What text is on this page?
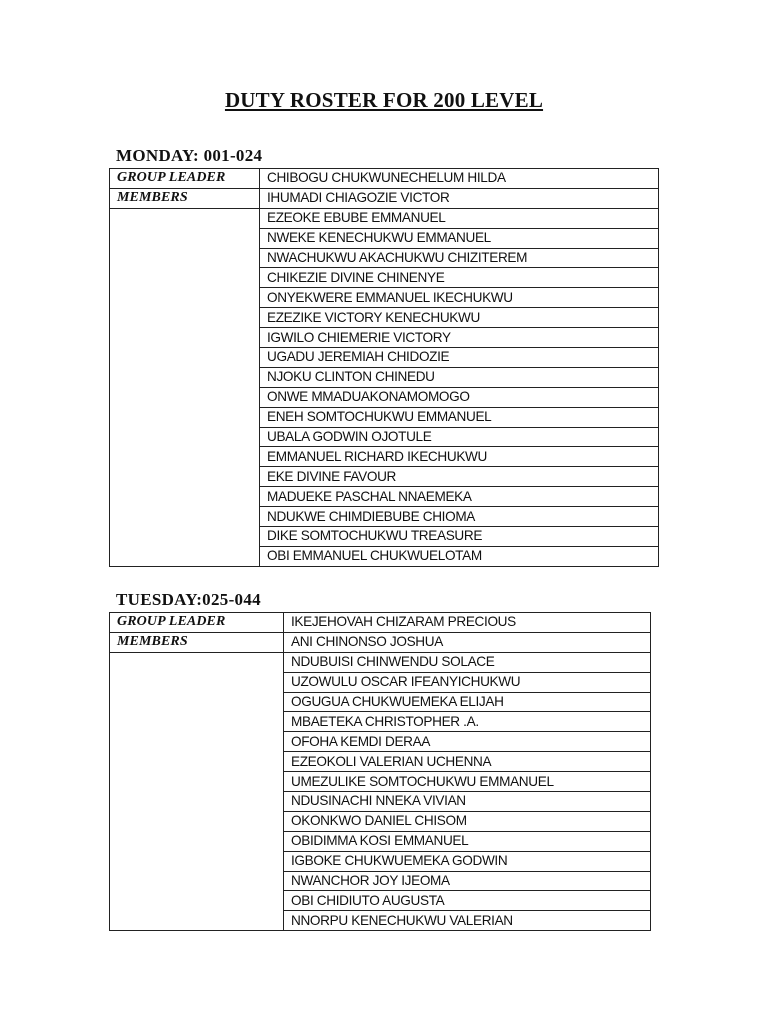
DUTY ROSTER FOR 200 LEVEL
MONDAY: 001-024
GROUP LEADER	CHIBOGU CHUKWUNECHELUM HILDA
MEMBERS	IHUMADI CHIAGOZIE VICTOR
	EZEOKE EBUBE EMMANUEL
	NWEKE KENECHUKWU EMMANUEL
	NWACHUKWU AKACHUKWU CHIZITEREM
	CHIKEZIE DIVINE CHINENYE
	ONYEKWERE EMMANUEL IKECHUKWU
	EZEZIKE VICTORY KENECHUKWU
	IGWILO CHIEMERIE VICTORY
	UGADU JEREMIAH CHIDOZIE
	NJOKU CLINTON CHINEDU
	ONWE MMADUAKONAMOMOGO
	ENEH SOMTOCHUKWU EMMANUEL
	UBALA GODWIN OJOTULE
	EMMANUEL RICHARD IKECHUKWU
	EKE DIVINE FAVOUR
	MADUEKE PASCHAL NNAEMEKA
	NDUKWE CHIMDIEBUBE CHIOMA
	DIKE SOMTOCHUKWU TREASURE
	OBI EMMANUEL CHUKWUELOTAM
TUESDAY:025-044
GROUP LEADER	IKEJEHOVAH CHIZARAM PRECIOUS
MEMBERS	ANI CHINONSO JOSHUA
	NDUBUISI CHINWENDU SOLACE
	UZOWULU OSCAR IFEANYICHUKWU
	OGUGUA CHUKWUEMEKA ELIJAH
	MBAETEKA CHRISTOPHER .A.
	OFOHA KEMDI DERAA
	EZEOKOLI VALERIAN UCHENNA
	UMEZULIKE SOMTOCHUKWU EMMANUEL
	NDUSINACHI NNEKA VIVIAN
	OKONKWO DANIEL CHISOM
	OBIDIMMA KOSI EMMANUEL
	IGBOKE CHUKWUEMEKA GODWIN
	NWANCHOR JOY IJEOMA
	OBI CHIDIUTO AUGUSTA
	NNORPU KENECHUKWU VALERIAN
